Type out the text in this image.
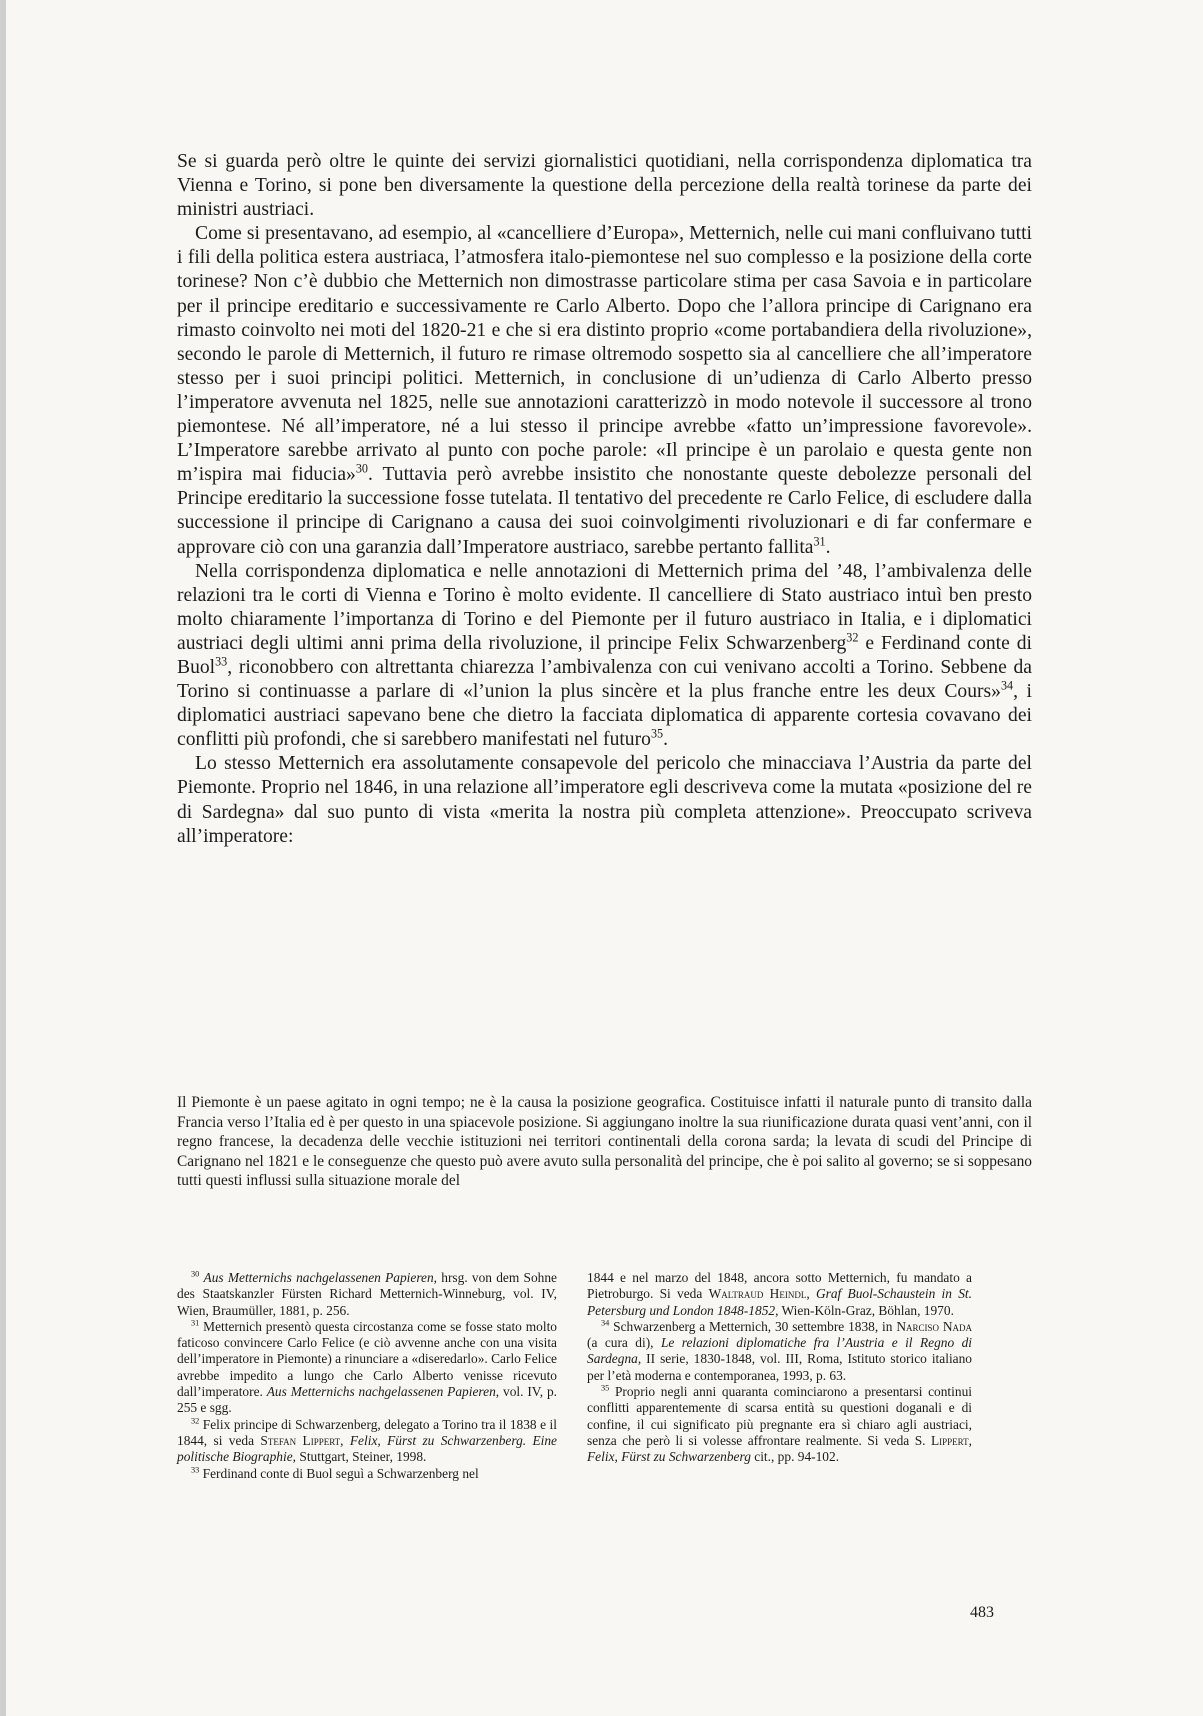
Se si guarda però oltre le quinte dei servizi giornalistici quotidiani, nella corrispondenza diplomatica tra Vienna e Torino, si pone ben diversamente la questione della percezione della realtà torinese da parte dei ministri austriaci.

Come si presentavano, ad esempio, al «cancelliere d’Europa», Metternich, nelle cui mani confluivano tutti i fili della politica estera austriaca, l’atmosfera italo-piemontese nel suo complesso e la posizione della corte torinese? Non c’è dubbio che Metternich non dimostrasse particolare stima per casa Savoia e in particolare per il principe ereditario e successivamente re Carlo Alberto. Dopo che l’allora principe di Carignano era rimasto coinvolto nei moti del 1820-21 e che si era distinto proprio «come portabandiera della rivoluzione», secondo le parole di Metternich, il futuro re rimase oltremodo sospetto sia al cancelliere che all’imperatore stesso per i suoi principi politici. Metternich, in conclusione di un’udienza di Carlo Alberto presso l’imperatore avvenuta nel 1825, nelle sue annotazioni caratterizzò in modo notevole il successore al trono piemontese. Né all’imperatore, né a lui stesso il principe avrebbe «fatto un’impressione favorevole». L’Imperatore sarebbe arrivato al punto con poche parole: «Il principe è un parolaio e questa gente non m’ispira mai fiducia»$^{30}$. Tuttavia però avrebbe insistito che nonostante queste debolezze personali del Principe ereditario la successione fosse tutelata. Il tentativo del precedente re Carlo Felice, di escludere dalla successione il principe di Carignano a causa dei suoi coinvolgimenti rivoluzionari e di far confermare e approvare ciò con una garanzia dall’Imperatore austriaco, sarebbe pertanto fallita$^{31}$.

Nella corrispondenza diplomatica e nelle annotazioni di Metternich prima del ’48, l’ambivalenza delle relazioni tra le corti di Vienna e Torino è molto evidente. Il cancelliere di Stato austriaco intuì ben presto molto chiaramente l’importanza di Torino e del Piemonte per il futuro austriaco in Italia, e i diplomatici austriaci degli ultimi anni prima della rivoluzione, il principe Felix Schwarzenberg$^{32}$ e Ferdinand conte di Buol$^{33}$, riconobbero con altrettanta chiarezza l’ambivalenza con cui venivano accolti a Torino. Sebbene da Torino si continuasse a parlare di «l’union la plus sincère et la plus franche entre les deux Cours»$^{34}$, i diplomatici austriaci sapevano bene che dietro la facciata diplomatica di apparente cortesia covavano dei conflitti più profondi, che si sarebbero manifestati nel futuro$^{35}$.

Lo stesso Metternich era assolutamente consapevole del pericolo che minacciava l’Austria da parte del Piemonte. Proprio nel 1846, in una relazione all’imperatore egli descriveva come la mutata «posizione del re di Sardegna» dal suo punto di vista «merita la nostra più completa attenzione». Preoccupato scriveva all’imperatore:

Il Piemonte è un paese agitato in ogni tempo; ne è la causa la posizione geografica. Costituisce infatti il naturale punto di transito dalla Francia verso l’Italia ed è per questo in una spiacevole posizione. Si aggiungano inoltre la sua riunificazione durata quasi vent’anni, con il regno francese, la decadenza delle vecchie istituzioni nei territori continentali della corona sarda; la levata di scudi del Principe di Carignano nel 1821 e le conseguenze che questo può avere avuto sulla personalità del principe, che è poi salito al governo; se si soppesano tutti questi influssi sulla situazione morale del

$^{30}$ Aus Metternichs nachgelassenen Papieren, hrsg. von dem Sohne des Staatskanzler Fürsten Richard Metternich-Winneburg, vol. IV, Wien, Braumüller, 1881, p. 256.

$^{31}$ Metternich presentò questa circostanza come se fosse stato molto faticoso convincere Carlo Felice (e ciò avvenne anche con una visita dell’imperatore in Piemonte) a rinunciare a «diseredarlo». Carlo Felice avrebbe impedito a lungo che Carlo Alberto venisse ricevuto dall’imperatore. Aus Metternichs nachgelassenen Papieren, vol. IV, p. 255 e sgg.

$^{32}$ Felix principe di Schwarzenberg, delegato a Torino tra il 1838 e il 1844, si veda Stefan Lippert, Felix, Fürst zu Schwarzenberg. Eine politische Biographie, Stuttgart, Steiner, 1998.

$^{33}$ Ferdinand conte di Buol seguì a Schwarzenberg nel

1844 e nel marzo del 1848, ancora sotto Metternich, fu mandato a Pietroburgo. Si veda Waltraud Heindl, Graf Buol-Schaustein in St. Petersburg und London 1848-1852, Wien-Köln-Graz, Böhlan, 1970.

$^{34}$ Schwarzenberg a Metternich, 30 settembre 1838, in Narciso Nada (a cura di), Le relazioni diplomatiche fra l’Austria e il Regno di Sardegna, II serie, 1830-1848, vol. III, Roma, Istituto storico italiano per l’età moderna e contemporanea, 1993, p. 63.

$^{35}$ Proprio negli anni quaranta cominciarono a presentarsi continui conflitti apparentemente di scarsa entità su questioni doganali e di confine, il cui significato più pregnante era sì chiaro agli austriaci, senza che però li si volesse affrontare realmente. Si veda S. Lippert, Felix, Fürst zu Schwarzenberg cit., pp. 94-102.

483
